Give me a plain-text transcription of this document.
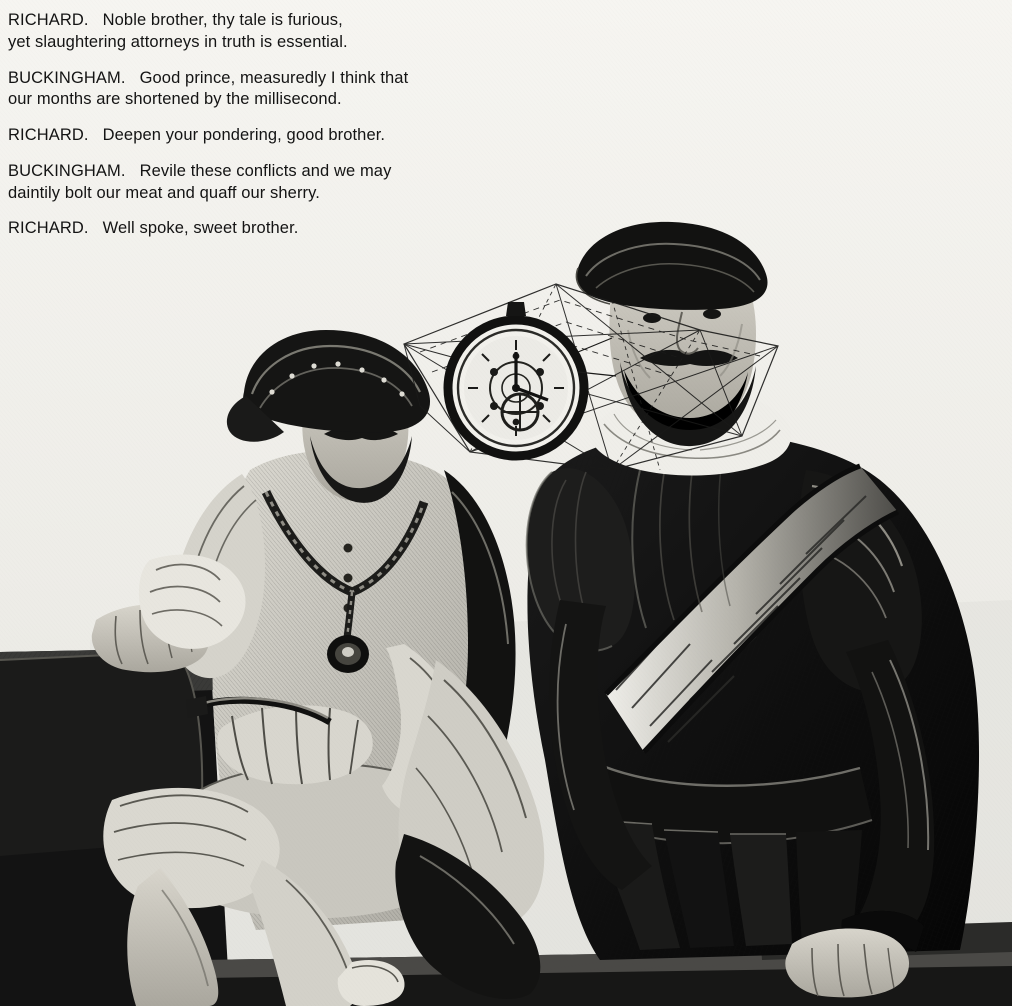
RICHARD. Noble brother, thy tale is furious,
yet slaughtering attorneys in truth is essential.

BUCKINGHAM. Good prince, measuredly I think that
our months are shortened by the millisecond.

RICHARD. Deepen your pondering, good brother.

BUCKINGHAM. Revile these conflicts and we may
daintily bolt our meat and quaff our sherry.

RICHARD. Well spoke, sweet brother.
